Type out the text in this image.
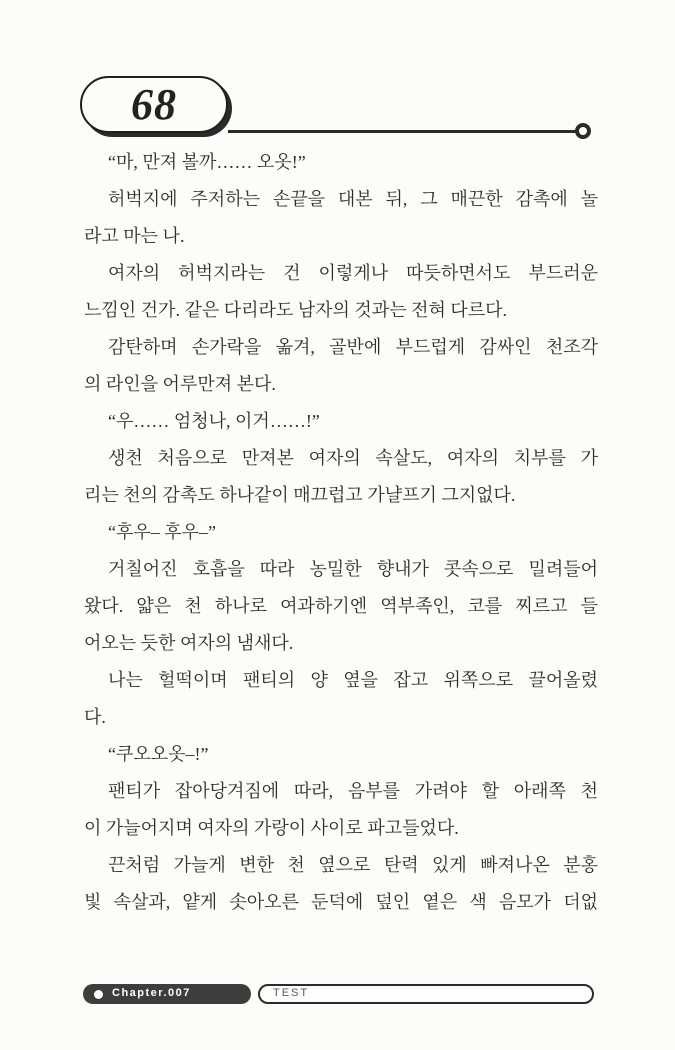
68
“마, 만져 볼까…… 오옷!”
허벅지에 주저하는 손끝을 대본 뒤, 그 매끈한 감촉에 놀
라고 마는 나.
여자의 허벅지라는 건 이렇게나 따듯하면서도 부드러운
느낌인 건가. 같은 다리라도 남자의 것과는 전혀 다르다.
감탄하며 손가락을 옮겨, 골반에 부드럽게 감싸인 천조각
의 라인을 어루만져 본다.
“우…… 엄청나, 이거……!”
생천 처음으로 만져본 여자의 속살도, 여자의 치부를 가
리는 천의 감촉도 하나같이 매끄럽고 가냘프기 그지없다.
“후우– 후우–”
거칠어진 호흡을 따라 농밀한 향내가 콧속으로 밀려들어
왔다. 얇은 천 하나로 여과하기엔 역부족인, 코를 찌르고 들
어오는 듯한 여자의 냄새다.
나는 헐떡이며 팬티의 양 옆을 잡고 위쪽으로 끌어올렸
다.
“쿠오오옷–!”
팬티가 잡아당겨짐에 따라, 음부를 가려야 할 아래쪽 천
이 가늘어지며 여자의 가랑이 사이로 파고들었다.
끈처럼 가늘게 변한 천 옆으로 탄력 있게 빠져나온 분홍
빛 속살과, 얕게 솟아오른 둔덕에 덮인 옅은 색 음모가 더없
Chapter.007	TEST
